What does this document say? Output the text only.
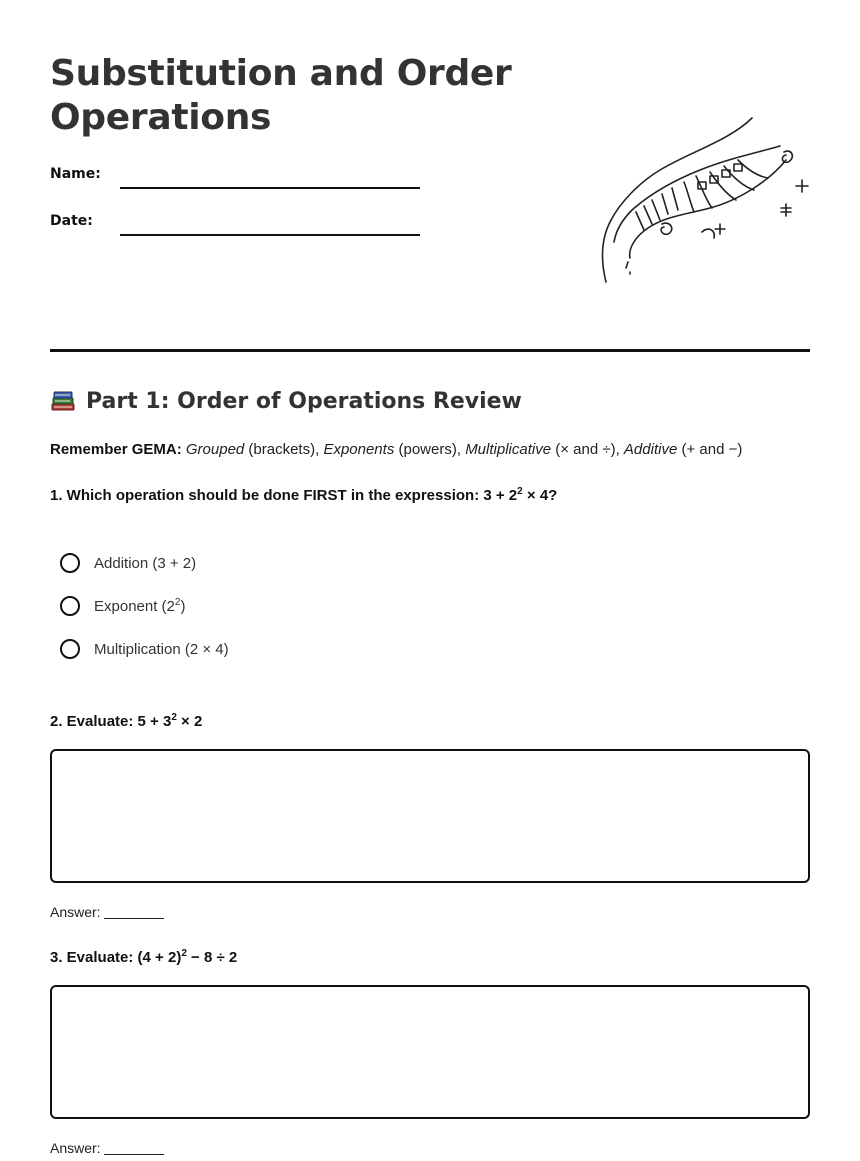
Substitution and Order
Operations
Name:
Date:
Part 1: Order of Operations Review
Remember GEMA: Grouped (brackets), Exponents (powers), Multiplicative (× and ÷), Additive (+ and −)
1. Which operation should be done FIRST in the expression: $3 + 2^2 \times 4$?
Addition (3 + 2)
Exponent $(2^2)$
Multiplication (2 × 4)
2. Evaluate: $5 + 3^2 \times 2$
Answer:
3. Evaluate: $(4 + 2)^2 - 8 \div 2$
Answer:
